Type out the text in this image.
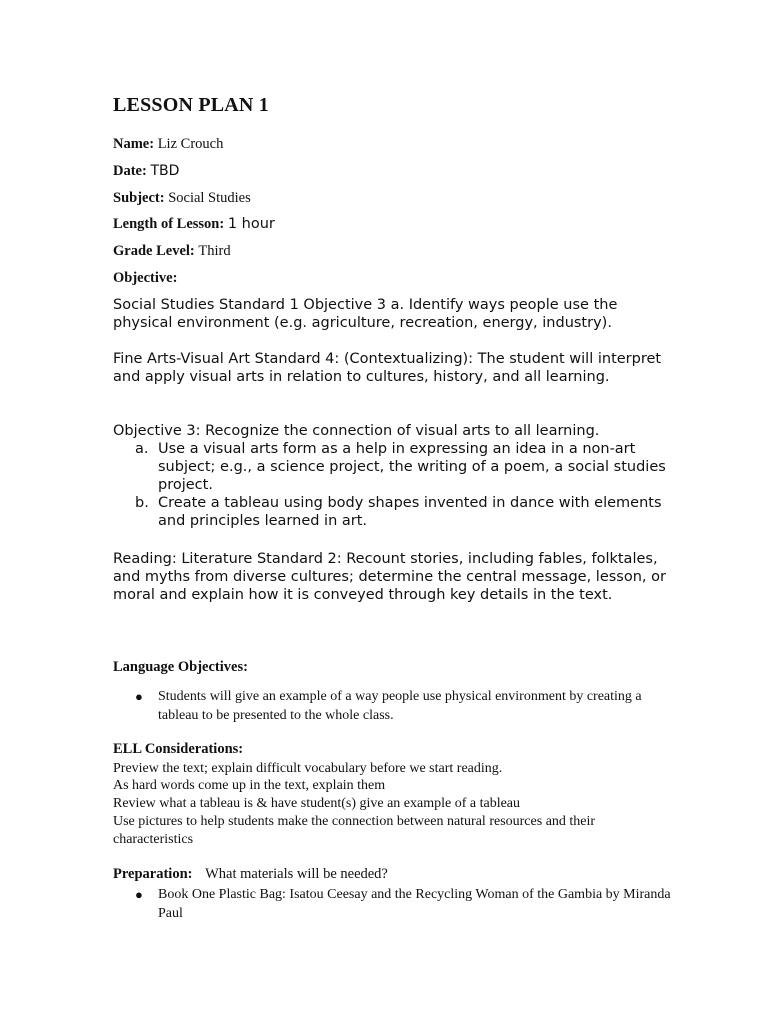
LESSON PLAN 1
Name: Liz Crouch
Date: TBD
Subject: Social Studies
Length of Lesson: 1 hour
Grade Level: Third
Objective:
Social Studies Standard 1 Objective 3 a. Identify ways people use the physical environment (e.g. agriculture, recreation, energy, industry).
Fine Arts-Visual Art Standard 4: (Contextualizing): The student will interpret and apply visual arts in relation to cultures, history, and all learning.
Objective 3: Recognize the connection of visual arts to all learning.
a. Use a visual arts form as a help in expressing an idea in a non-art subject; e.g., a science project, the writing of a poem, a social studies project.
b. Create a tableau using body shapes invented in dance with elements and principles learned in art.
Reading: Literature Standard 2: Recount stories, including fables, folktales, and myths from diverse cultures; determine the central message, lesson, or moral and explain how it is conveyed through key details in the text.
Language Objectives:
●	Students will give an example of a way people use physical environment by creating a tableau to be presented to the whole class.
ELL Considerations:
Preview the text; explain difficult vocabulary before we start reading.
As hard words come up in the text, explain them
Review what a tableau is & have student(s) give an example of a tableau
Use pictures to help students make the connection between natural resources and their characteristics
Preparation: What materials will be needed?
●	Book One Plastic Bag: Isatou Ceesay and the Recycling Woman of the Gambia by Miranda Paul
